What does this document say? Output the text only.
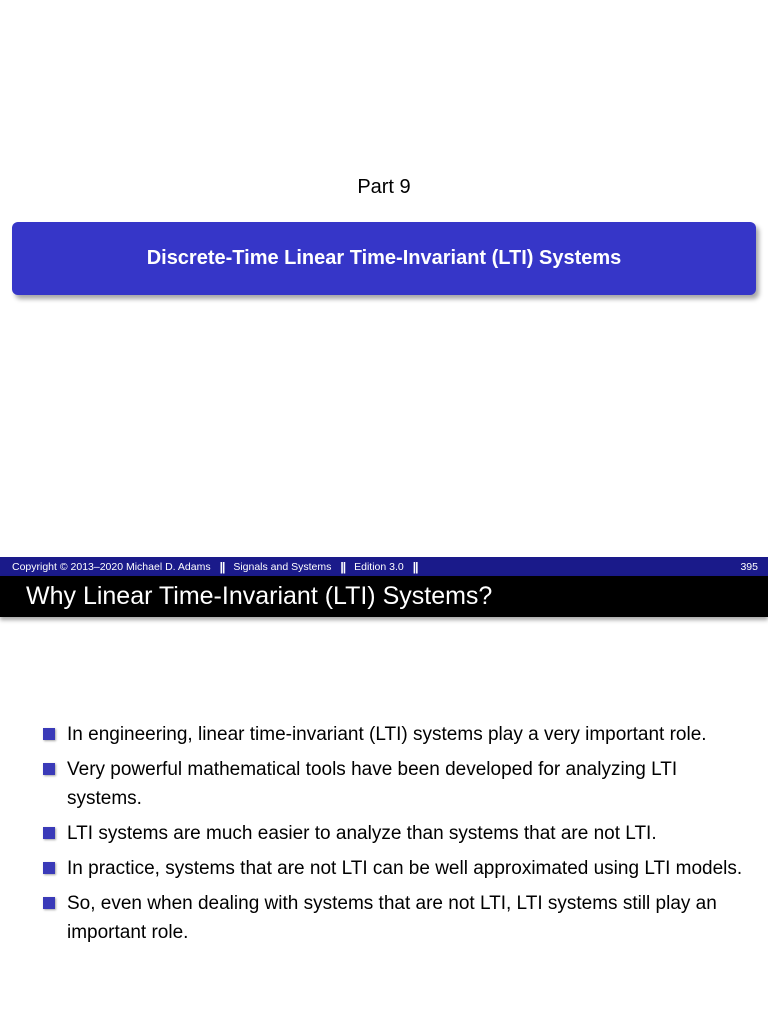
Part 9
Discrete-Time Linear Time-Invariant (LTI) Systems
Copyright © 2013–2020 Michael D. Adams || Signals and Systems || Edition 3.0 ||	395
Why Linear Time-Invariant (LTI) Systems?
In engineering, linear time-invariant (LTI) systems play a very important role.
Very powerful mathematical tools have been developed for analyzing LTI systems.
LTI systems are much easier to analyze than systems that are not LTI.
In practice, systems that are not LTI can be well approximated using LTI models.
So, even when dealing with systems that are not LTI, LTI systems still play an important role.
